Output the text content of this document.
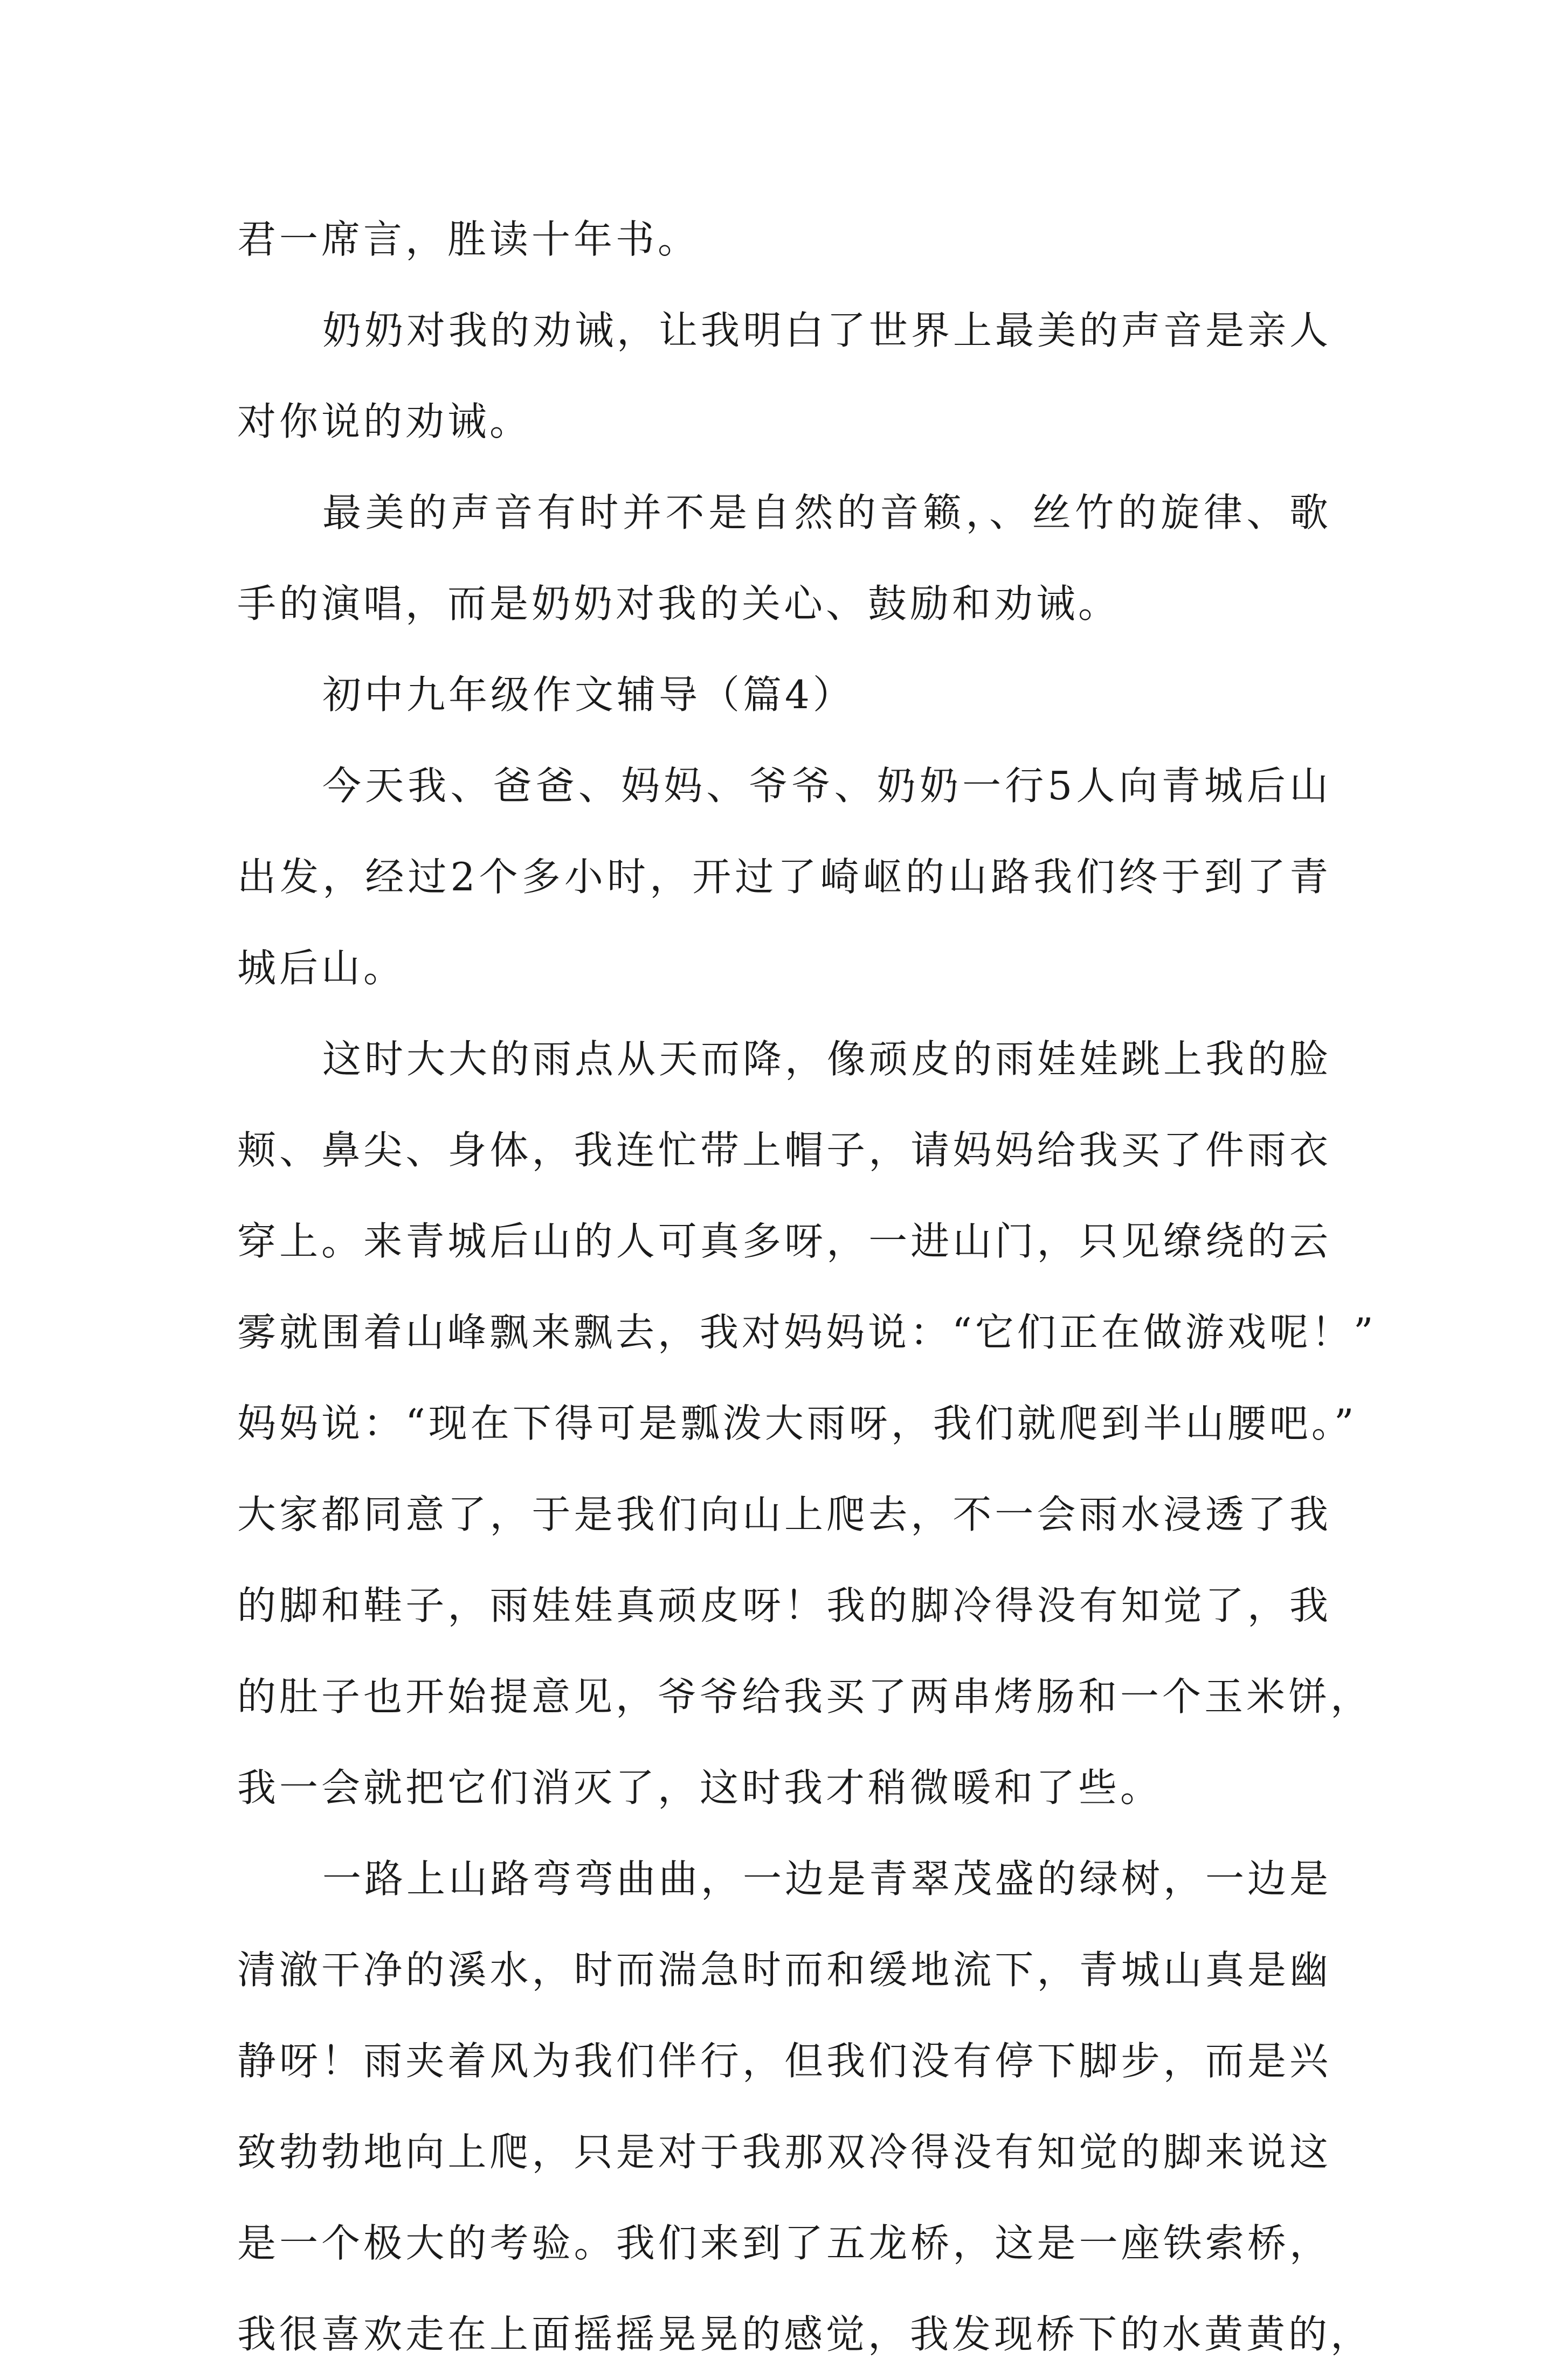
君一席言，胜读十年书。
奶奶对我的劝诫，让我明白了世界上最美的声音是亲人
对你说的劝诫。
最美的声音有时并不是自然的音籁，、丝竹的旋律、歌
手的演唱，而是奶奶对我的关心、鼓励和劝诫。
初中九年级作文辅导（篇4）
今天我、爸爸、妈妈、爷爷、奶奶一行5人向青城后山
出发，经过2个多小时，开过了崎岖的山路我们终于到了青
城后山。
这时大大的雨点从天而降，像顽皮的雨娃娃跳上我的脸
颊、鼻尖、身体，我连忙带上帽子，请妈妈给我买了件雨衣
穿上。来青城后山的人可真多呀，一进山门，只见缭绕的云
雾就围着山峰飘来飘去，我对妈妈说：“它们正在做游戏呢！”
妈妈说：“现在下得可是瓢泼大雨呀，我们就爬到半山腰吧。”
大家都同意了，于是我们向山上爬去，不一会雨水浸透了我
的脚和鞋子，雨娃娃真顽皮呀！我的脚冷得没有知觉了，我
的肚子也开始提意见，爷爷给我买了两串烤肠和一个玉米饼，
我一会就把它们消灭了，这时我才稍微暖和了些。
一路上山路弯弯曲曲，一边是青翠茂盛的绿树，一边是
清澈干净的溪水，时而湍急时而和缓地流下，青城山真是幽
静呀！雨夹着风为我们伴行，但我们没有停下脚步，而是兴
致勃勃地向上爬，只是对于我那双冷得没有知觉的脚来说这
是一个极大的考验。我们来到了五龙桥，这是一座铁索桥，
我很喜欢走在上面摇摇晃晃的感觉，我发现桥下的水黄黄的，
